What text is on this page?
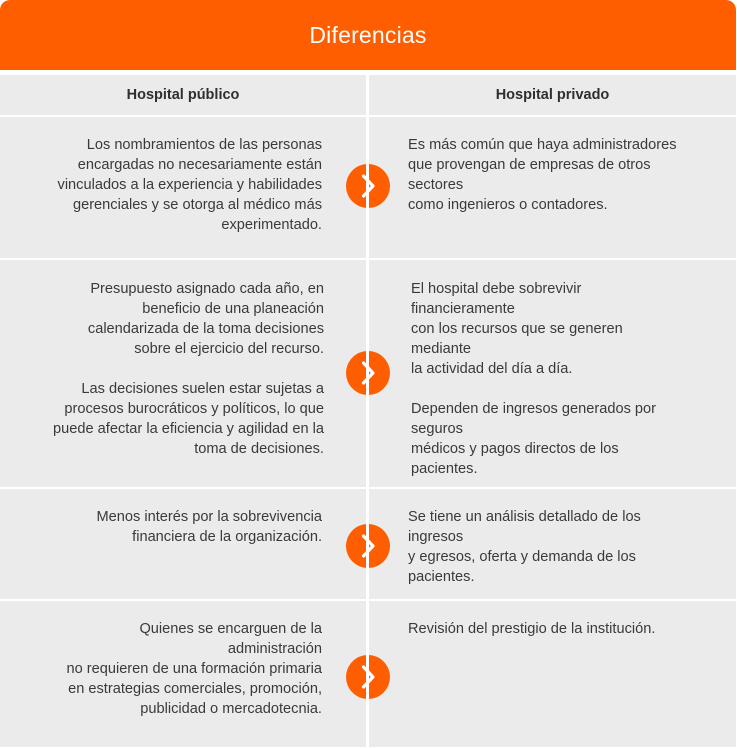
Diferencias
Hospital público	Hospital privado

Los nombramientos de las personas
encargadas no necesariamente están
vinculados a la experiencia y habilidades
gerenciales y se otorga al médico más
experimentado.

Es más común que haya administradores
que provengan de empresas de otros
sectores
como ingenieros o contadores.

Presupuesto asignado cada año, en
beneficio de una planeación
calendarizada de la toma decisiones
sobre el ejercicio del recurso.

Las decisiones suelen estar sujetas a
procesos burocráticos y políticos, lo que
puede afectar la eficiencia y agilidad en la
toma de decisiones.

El hospital debe sobrevivir
financieramente
con los recursos que se generen
mediante
la actividad del día a día.

Dependen de ingresos generados por
seguros
médicos y pagos directos de los
pacientes.

Menos interés por la sobrevivencia
financiera de la organización.

Se tiene un análisis detallado de los
ingresos
y egresos, oferta y demanda de los
pacientes.

Quienes se encarguen de la
administración
no requieren de una formación primaria
en estrategias comerciales, promoción,
publicidad o mercadotecnia.

Revisión del prestigio de la institución.
